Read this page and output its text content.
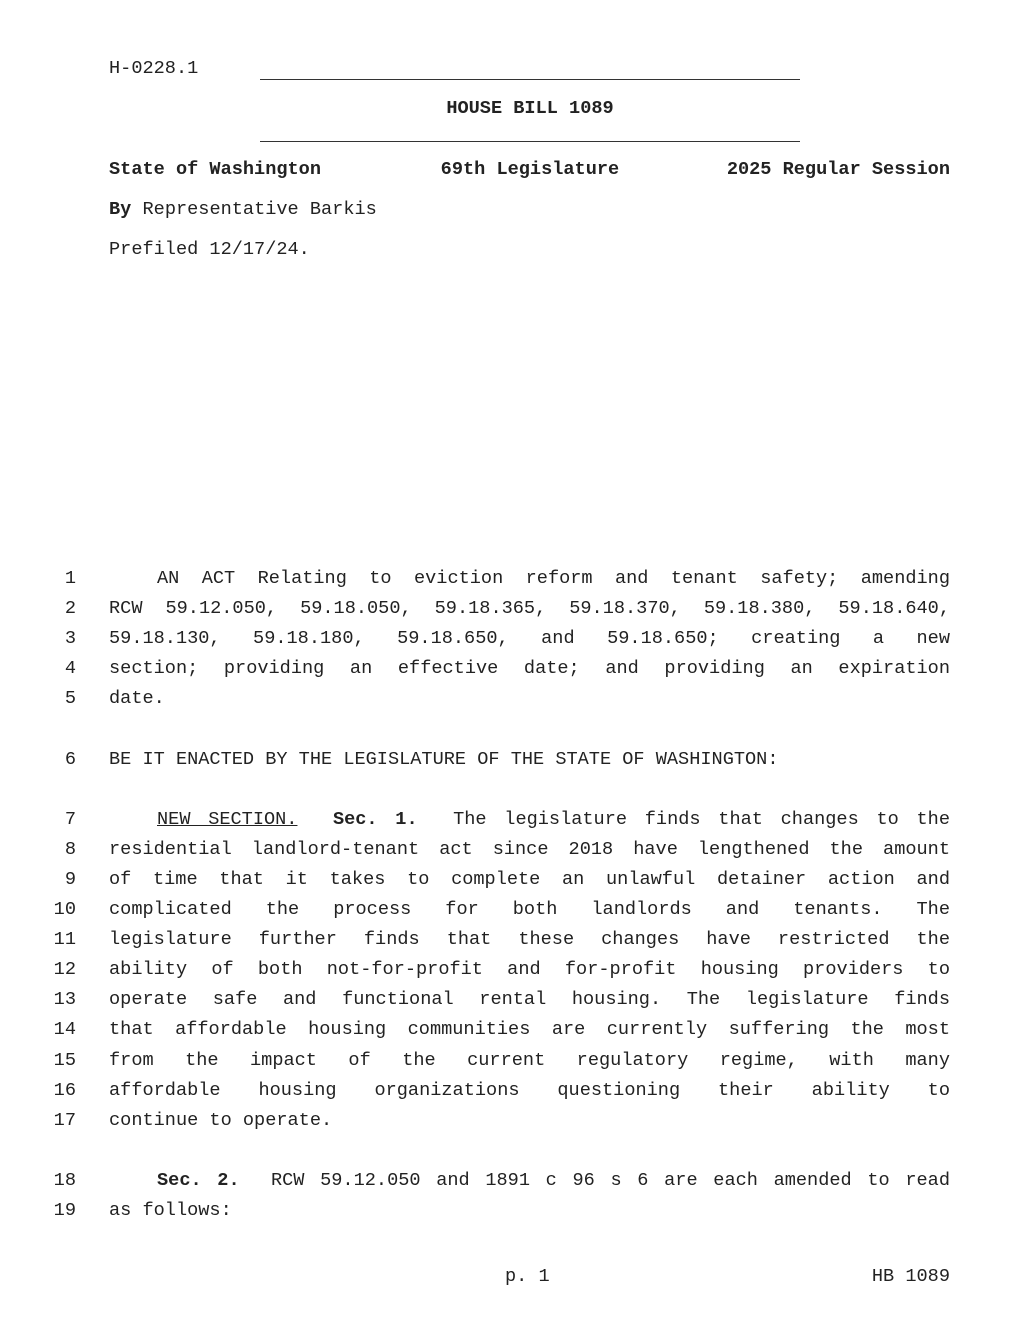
H-0228.1
HOUSE BILL 1089
State of Washington	69th Legislature	2025 Regular Session
By Representative Barkis
Prefiled 12/17/24.
1
2
3
4
5
6
7
8
9
10
11
12
13
14
15
16
17
18
19
AN ACT Relating to eviction reform and tenant safety; amending
RCW 59.12.050, 59.18.050, 59.18.365, 59.18.370, 59.18.380, 59.18.640,
59.18.130, 59.18.180, 59.18.650, and 59.18.650; creating a new
section; providing an effective date; and providing an expiration
date.
BE IT ENACTED BY THE LEGISLATURE OF THE STATE OF WASHINGTON:
NEW SECTION. Sec. 1. The legislature finds that changes to the
residential landlord-tenant act since 2018 have lengthened the amount
of time that it takes to complete an unlawful detainer action and
complicated the process for both landlords and tenants. The
legislature further finds that these changes have restricted the
ability of both not-for-profit and for-profit housing providers to
operate safe and functional rental housing. The legislature finds
that affordable housing communities are currently suffering the most
from the impact of the current regulatory regime, with many
affordable housing organizations questioning their ability to
continue to operate.
Sec. 2. RCW 59.12.050 and 1891 c 96 s 6 are each amended to read
as follows:
p. 1	HB 1089
